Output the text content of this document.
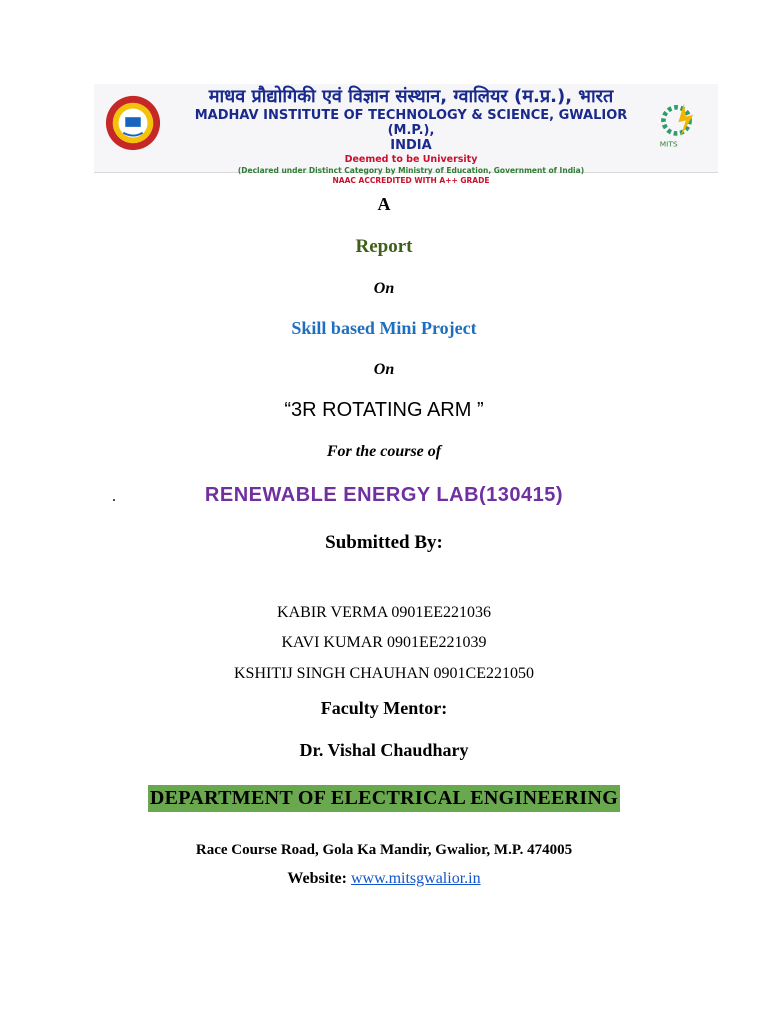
माधव प्रौद्योगिकी एवं विज्ञान संस्थान, ग्वालियर (म.प्र.), भारत
MADHAV INSTITUTE OF TECHNOLOGY & SCIENCE, GWALIOR (M.P.),
INDIA
Deemed to be University
(Declared under Distinct Category by Ministry of Education, Government of India)
NAAC ACCREDITED WITH A++ GRADE
MITS
A
Report
On
Skill based Mini Project
On
“3R ROTATING ARM ”
For the course of
.	RENEWABLE ENERGY LAB(130415)
Submitted By:
KABIR VERMA 0901EE221036
KAVI KUMAR 0901EE221039
KSHITIJ SINGH CHAUHAN 0901CE221050
Faculty Mentor:
Dr. Vishal Chaudhary
DEPARTMENT OF ELECTRICAL ENGINEERING
Race Course Road, Gola Ka Mandir, Gwalior, M.P. 474005
Website: www.mitsgwalior.in
